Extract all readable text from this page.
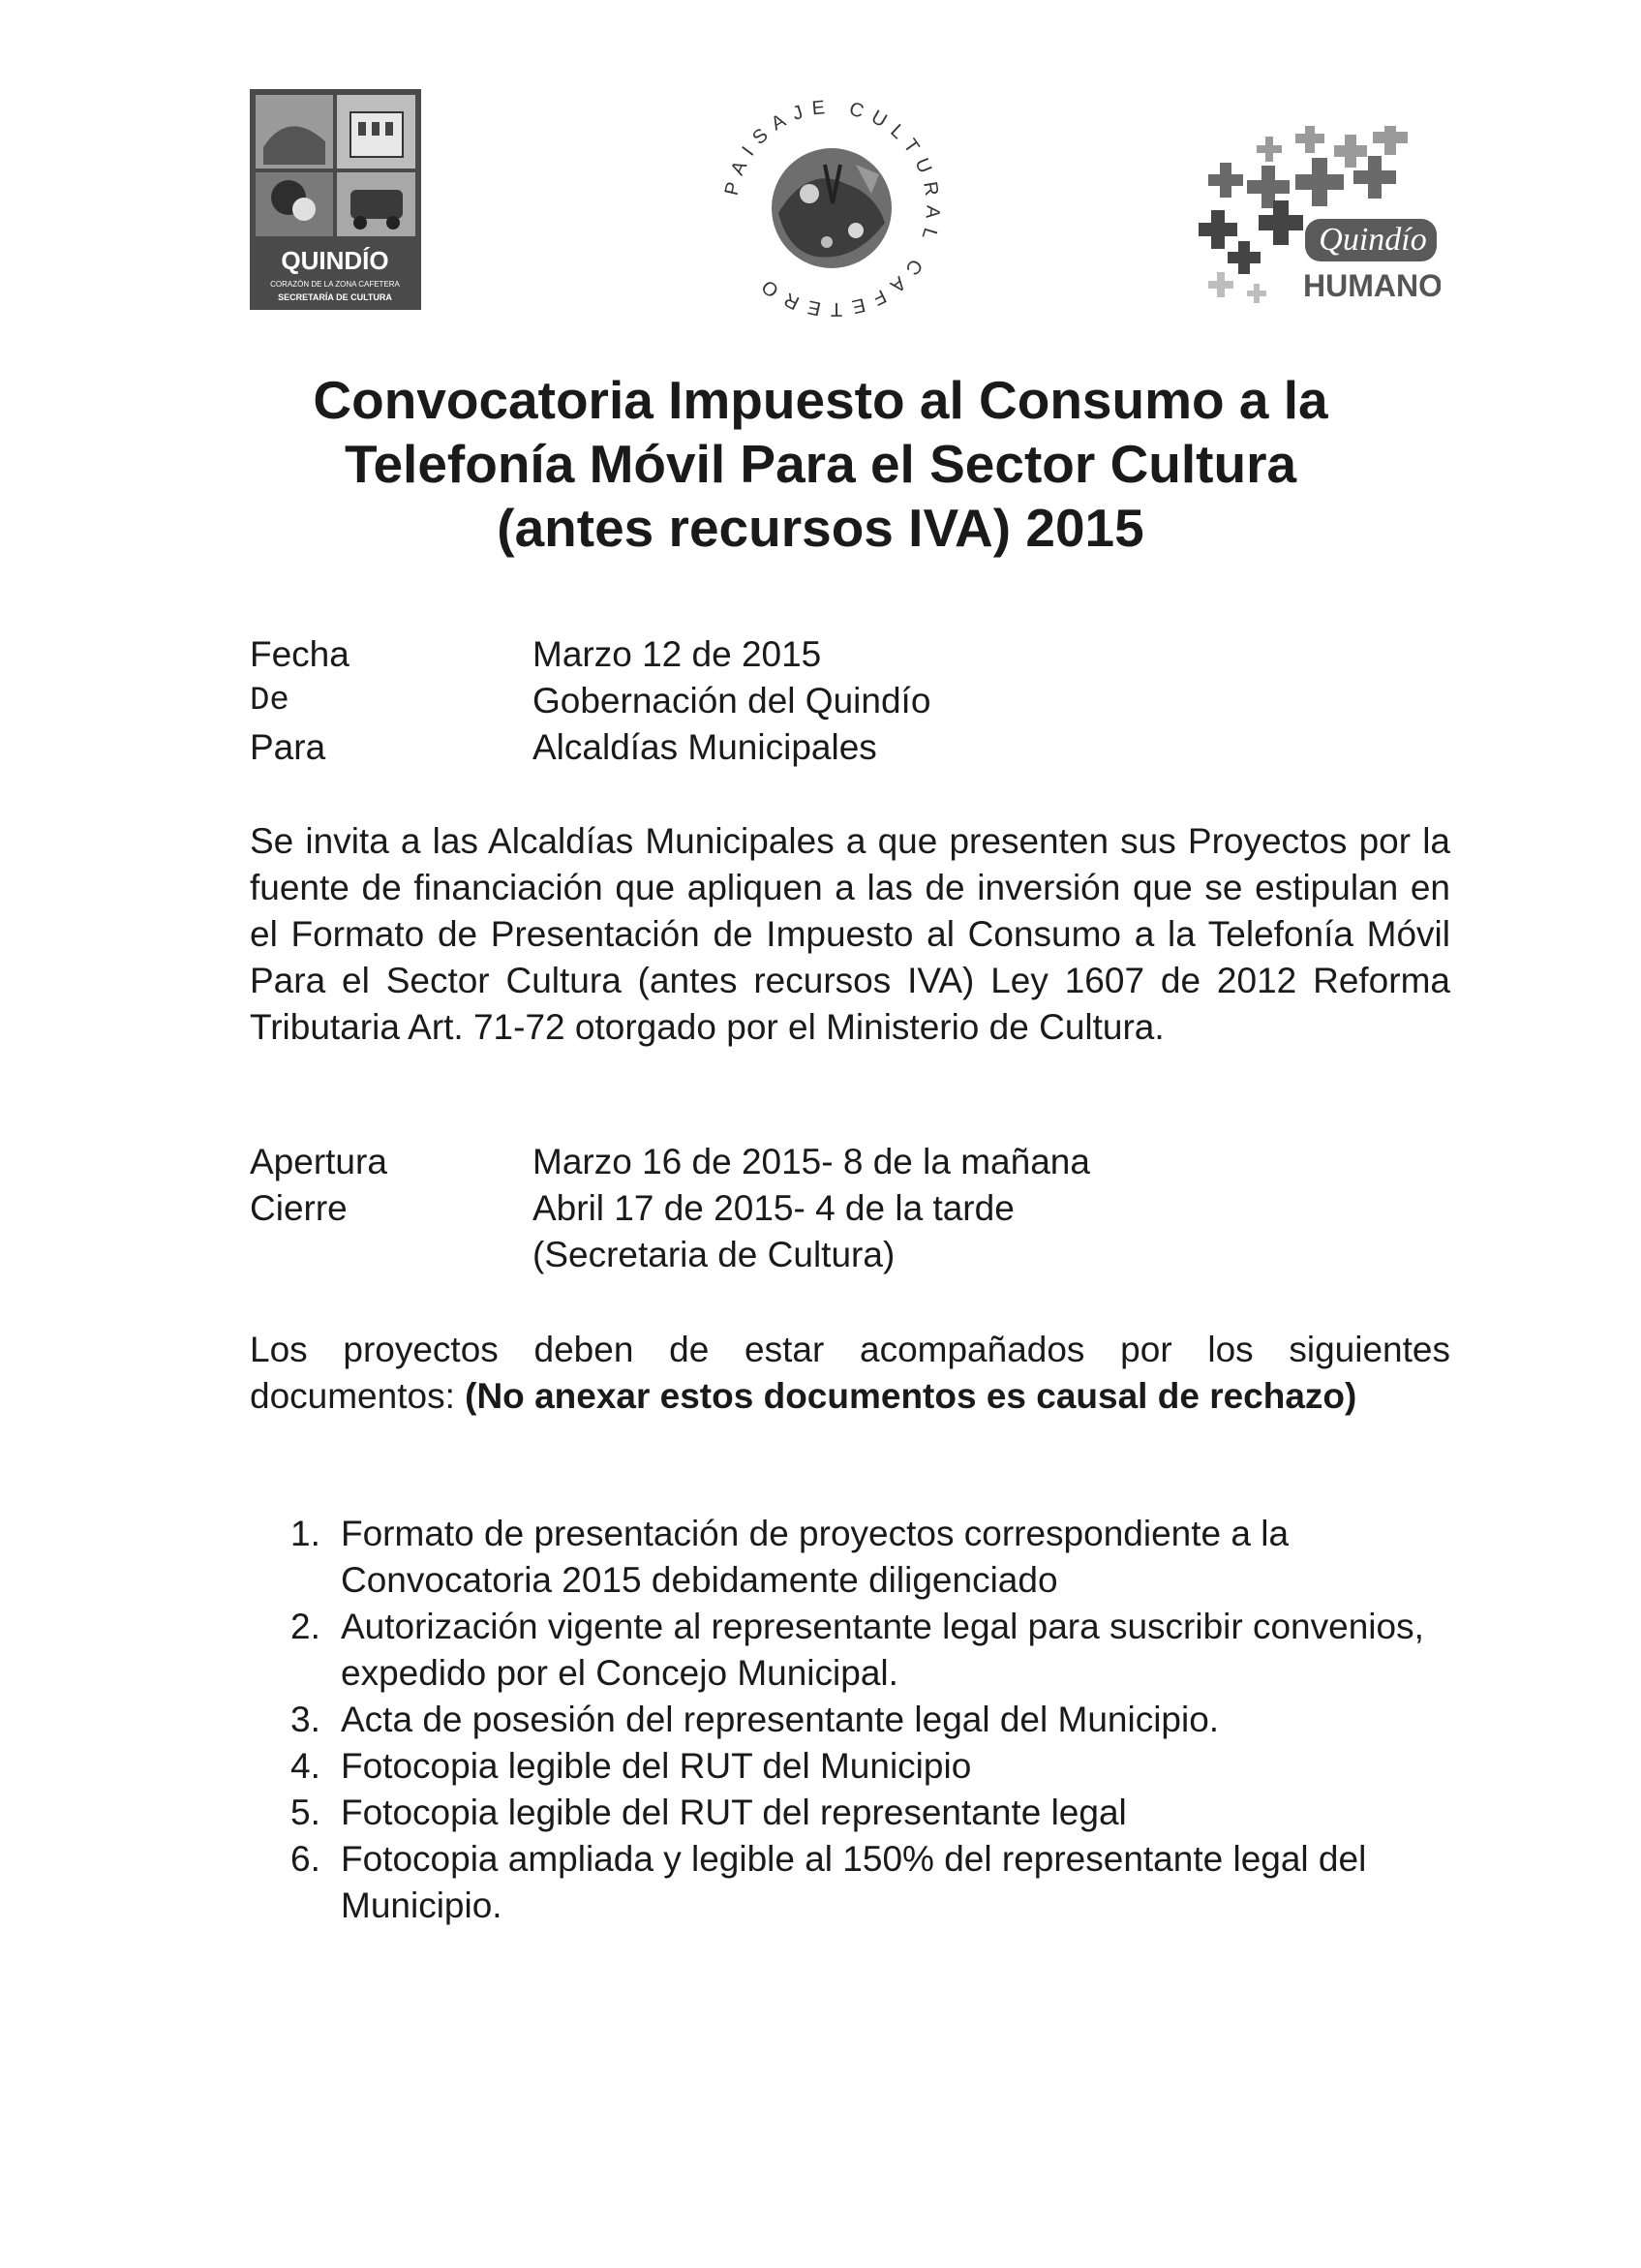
QUINDÍO
CORAZÓN DE LA ZONA CAFETERA
SECRETARÍA DE CULTURA
PAISAJE CULTURAL CAFETERO
Quindío
HUMANO
Convocatoria Impuesto al Consumo a la
Telefonía Móvil Para el Sector Cultura
(antes recursos IVA) 2015
Fecha	Marzo 12 de 2015
De	Gobernación del Quindío
Para	Alcaldías Municipales
Se invita a las Alcaldías Municipales a que presenten sus Proyectos por la fuente de financiación que apliquen a las de inversión que se estipulan en el Formato de Presentación de Impuesto al Consumo a la Telefonía Móvil Para el Sector Cultura (antes recursos IVA) Ley 1607 de 2012 Reforma Tributaria Art. 71-72 otorgado por el Ministerio de Cultura.
Apertura	Marzo 16 de 2015- 8 de la mañana
Cierre	Abril 17 de 2015- 4 de la tarde
(Secretaria de Cultura)
Los proyectos deben de estar acompañados por los siguientes documentos: (No anexar estos documentos es causal de rechazo)
1. Formato de presentación de proyectos correspondiente a la Convocatoria 2015 debidamente diligenciado
2. Autorización vigente al representante legal para suscribir convenios, expedido por el Concejo Municipal.
3. Acta de posesión del representante legal del Municipio.
4. Fotocopia legible del RUT del Municipio
5. Fotocopia legible del RUT del representante legal
6. Fotocopia ampliada y legible al 150% del representante legal del Municipio.
